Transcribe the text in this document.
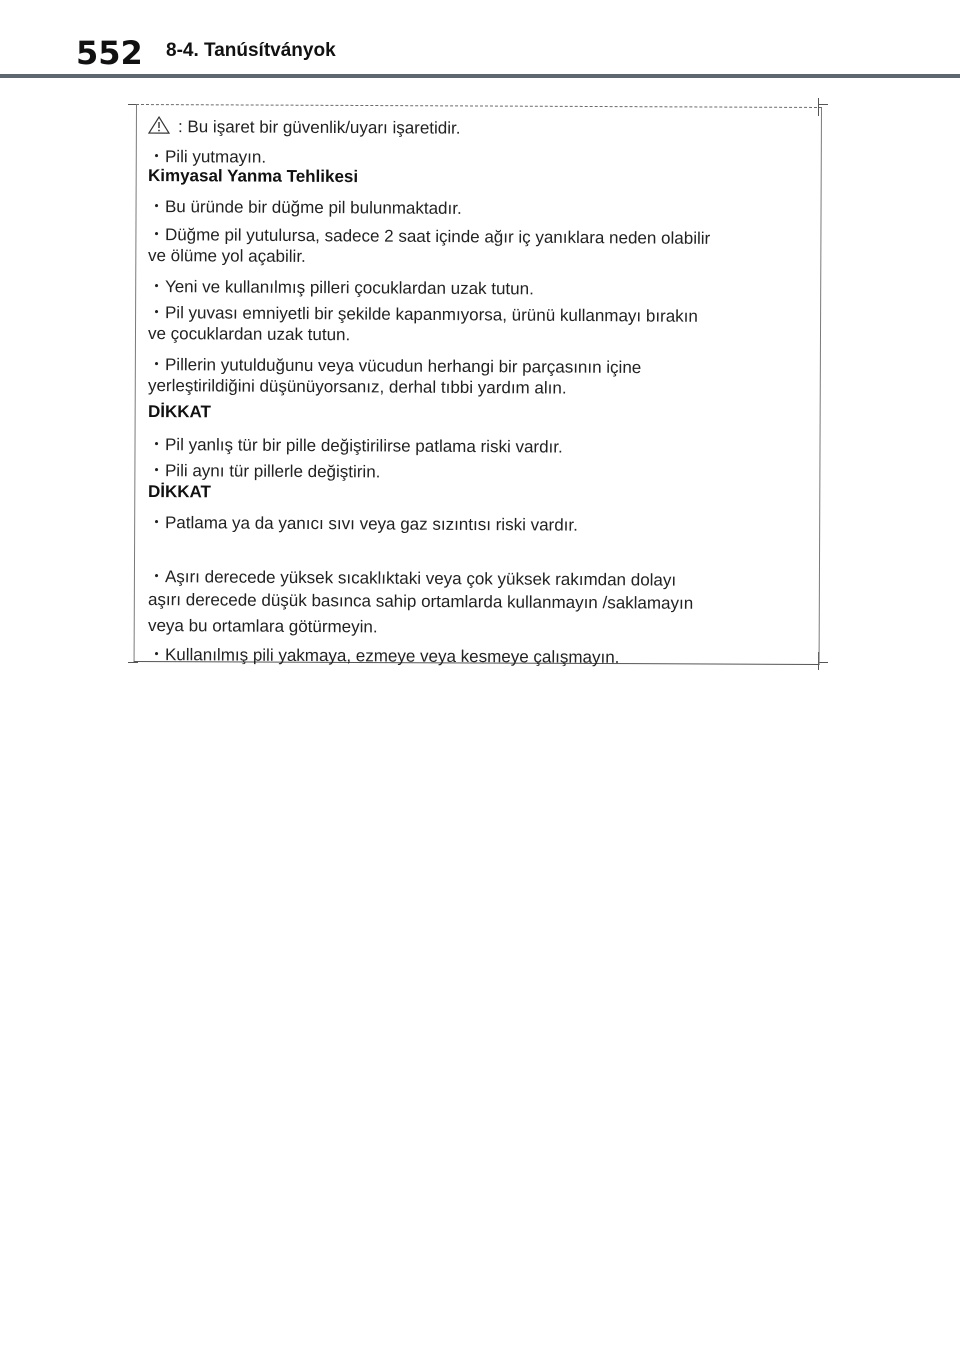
552 8-4. Tanúsítványok
: Bu işaret bir güvenlik/uyarı işaretidir.
・Pili yutmayın.
Kimyasal Yanma Tehlikesi
・Bu üründe bir düğme pil bulunmaktadır.
・Düğme pil yutulursa, sadece 2 saat içinde ağır iç yanıklara neden olabilir
ve ölüme yol açabilir.
・Yeni ve kullanılmış pilleri çocuklardan uzak tutun.
・Pil yuvası emniyetli bir şekilde kapanmıyorsa, ürünü kullanmayı bırakın
ve çocuklardan uzak tutun.
・Pillerin yutulduğunu veya vücudun herhangi bir parçasının içine
yerleştirildiğini düşünüyorsanız, derhal tıbbi yardım alın.
DİKKAT
・Pil yanlış tür bir pille değiştirilirse patlama riski vardır.
・Pili aynı tür pillerle değiştirin.
DİKKAT
・Patlama ya da yanıcı sıvı veya gaz sızıntısı riski vardır.
・Aşırı derecede yüksek sıcaklıktaki veya çok yüksek rakımdan dolayı
aşırı derecede düşük basınca sahip ortamlarda kullanmayın /saklamayın
veya bu ortamlara götürmeyin.
・Kullanılmış pili yakmaya, ezmeye veya kesmeye çalışmayın.
